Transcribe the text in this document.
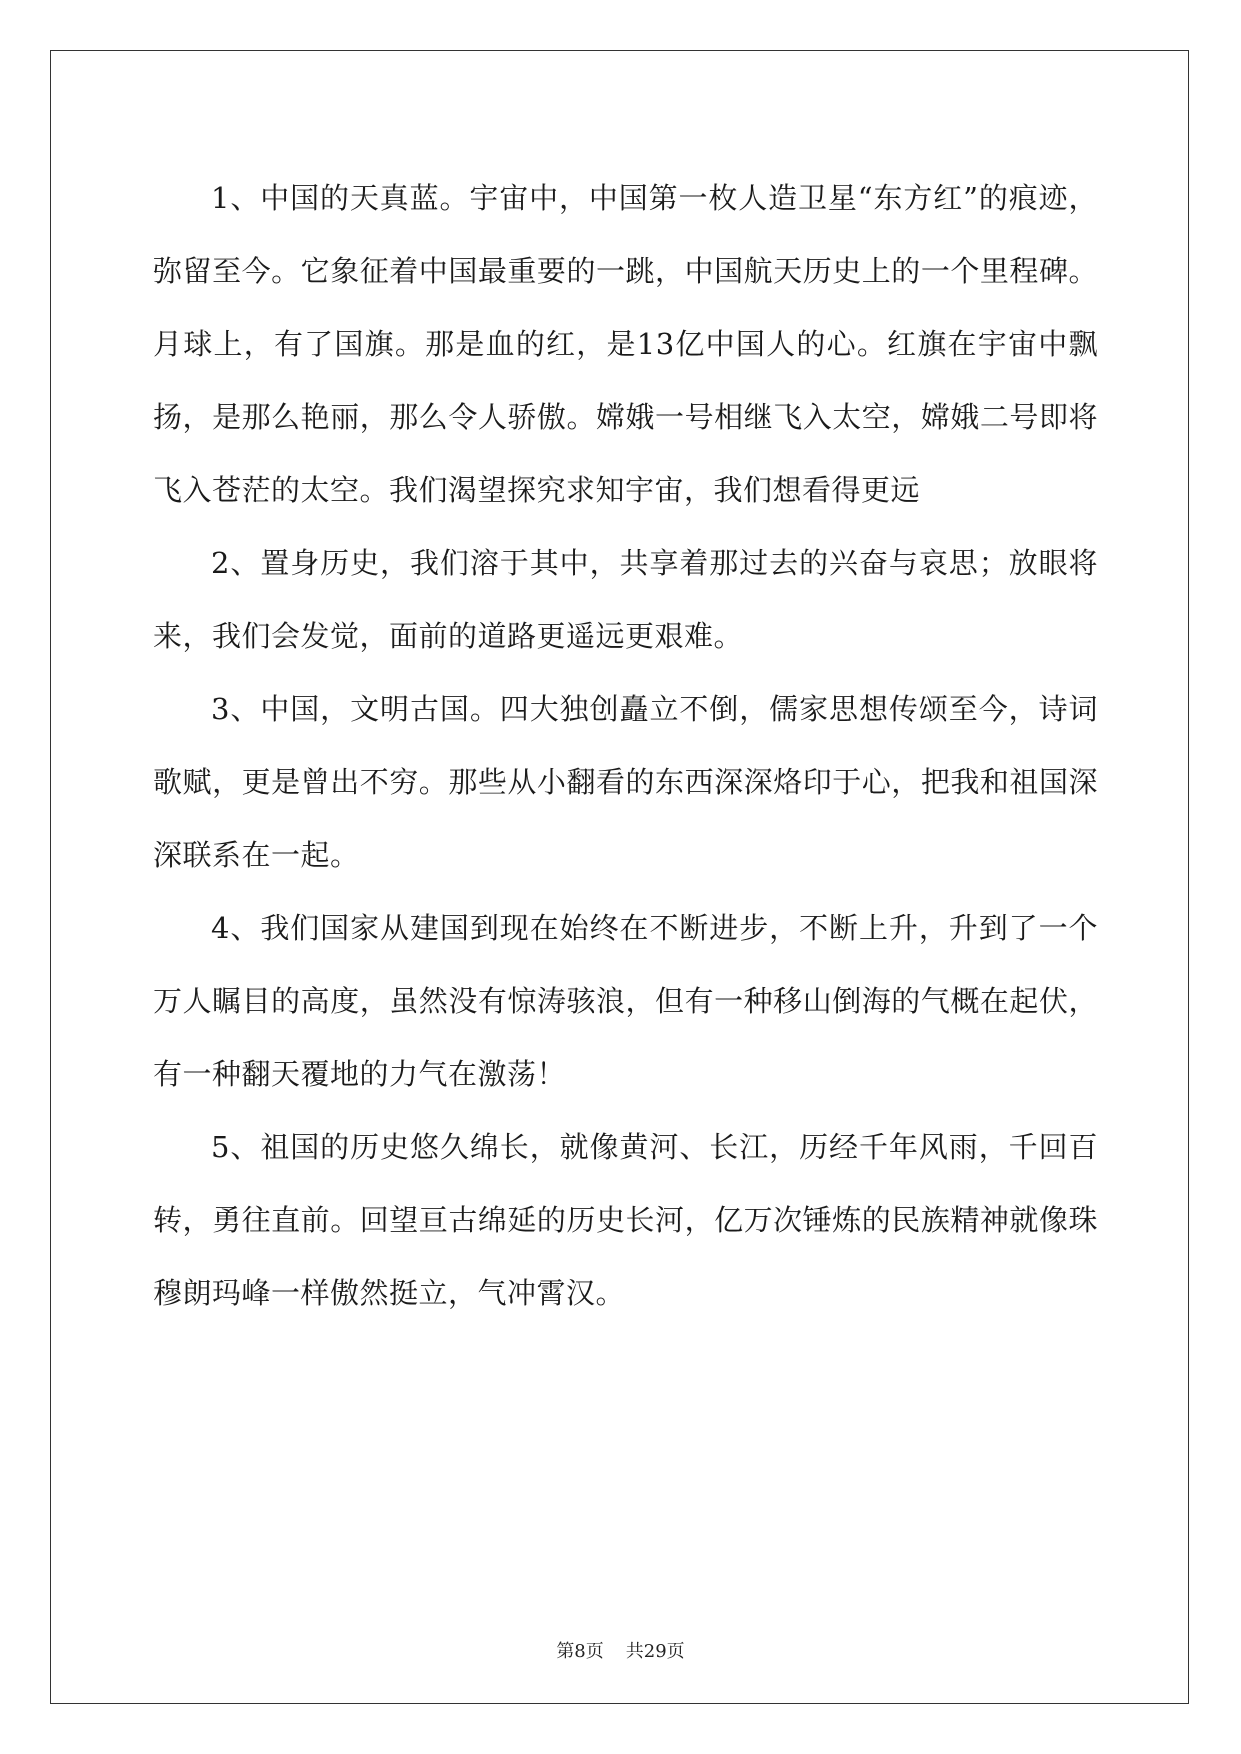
1、中国的天真蓝。宇宙中，中国第一枚人造卫星“东方红”的痕迹，弥留至今。它象征着中国最重要的一跳，中国航天历史上的一个里程碑。月球上，有了国旗。那是血的红，是13亿中国人的心。红旗在宇宙中飘扬，是那么艳丽，那么令人骄傲。嫦娥一号相继飞入太空，嫦娥二号即将飞入苍茫的太空。我们渴望探究求知宇宙，我们想看得更远

2、置身历史，我们溶于其中，共享着那过去的兴奋与哀思；放眼将来，我们会发觉，面前的道路更遥远更艰难。

3、中国，文明古国。四大独创矗立不倒，儒家思想传颂至今，诗词歌赋，更是曾出不穷。那些从小翻看的东西深深烙印于心，把我和祖国深深联系在一起。

4、我们国家从建国到现在始终在不断进步，不断上升，升到了一个万人瞩目的高度，虽然没有惊涛骇浪，但有一种移山倒海的气概在起伏，有一种翻天覆地的力气在激荡！

5、祖国的历史悠久绵长，就像黄河、长江，历经千年风雨，千回百转，勇往直前。回望亘古绵延的历史长河，亿万次锤炼的民族精神就像珠穆朗玛峰一样傲然挺立，气冲霄汉。

第8页 共29页
